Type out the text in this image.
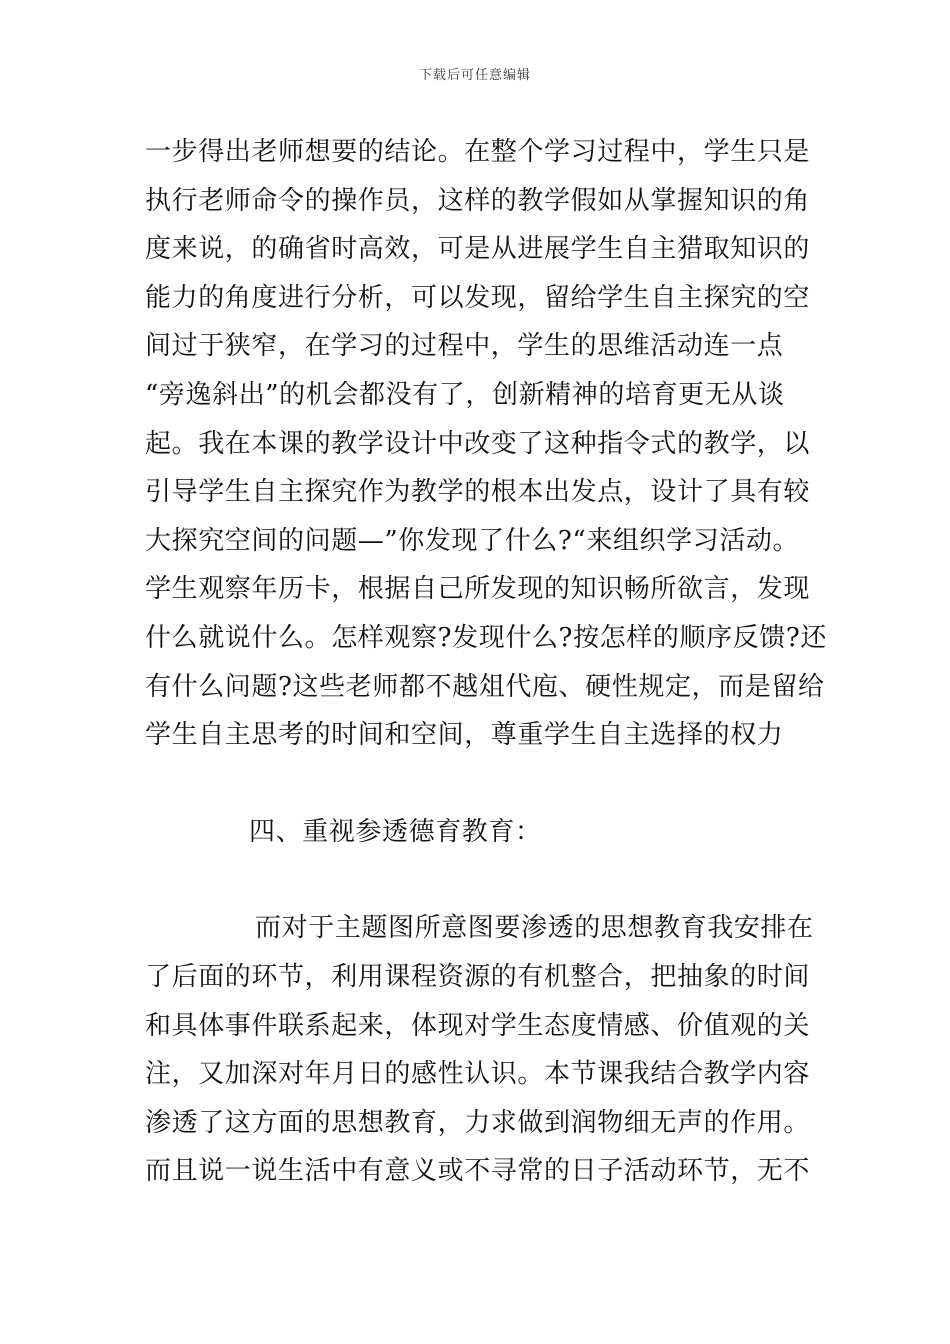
下载后可任意编辑
一步得出老师想要的结论。在整个学习过程中，学生只是
执行老师命令的操作员，这样的教学假如从掌握知识的角
度来说，的确省时高效，可是从进展学生自主猎取知识的
能力的角度进行分析，可以发现，留给学生自主探究的空
间过于狭窄，在学习的过程中，学生的思维活动连一点
“旁逸斜出”的机会都没有了，创新精神的培育更无从谈
起。我在本课的教学设计中改变了这种指令式的教学，以
引导学生自主探究作为教学的根本出发点，设计了具有较
大探究空间的问题—”你发现了什么?“来组织学习活动。
学生观察年历卡，根据自己所发现的知识畅所欲言，发现
什么就说什么。怎样观察?发现什么?按怎样的顺序反馈?还
有什么问题?这些老师都不越俎代庖、硬性规定，而是留给
学生自主思考的时间和空间，尊重学生自主选择的权力
四、重视参透德育教育：
而对于主题图所意图要渗透的思想教育我安排在
了后面的环节，利用课程资源的有机整合，把抽象的时间
和具体事件联系起来，体现对学生态度情感、价值观的关
注，又加深对年月日的感性认识。本节课我结合教学内容
渗透了这方面的思想教育，力求做到润物细无声的作用。
而且说一说生活中有意义或不寻常的日子活动环节，无不
